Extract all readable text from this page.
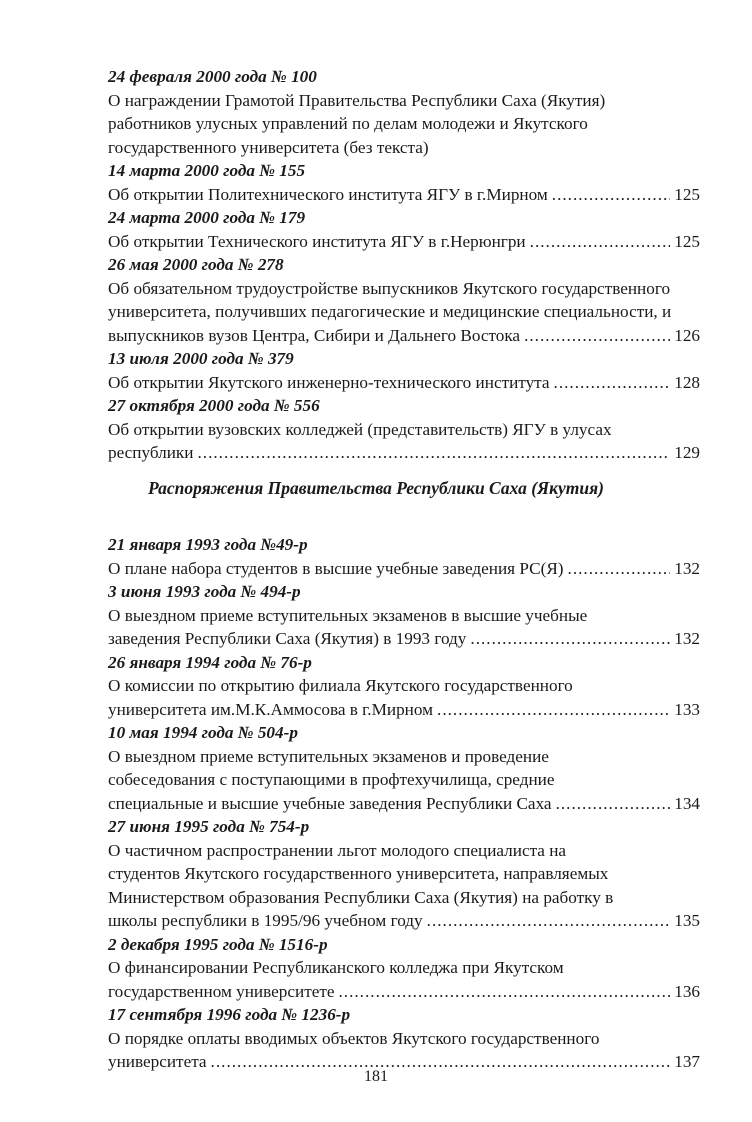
24 февраля 2000 года № 100
О награждении Грамотой Правительства Республики Саха (Якутия)
работников улусных управлений по делам молодежи и Якутского
государственного университета (без текста)
14 марта 2000 года № 155
Об открытии Политехнического института ЯГУ в г.Мирном .....	125
24 марта 2000 года № 179
Об открытии Технического института ЯГУ в г.Нерюнгри .....	125
26 мая 2000 года № 278
Об обязательном трудоустройстве выпускников Якутского государственного
университета, получивших педагогические и медицинские специальности, и
выпускников вузов Центра, Сибири и Дальнего Востока .....	126
13 июля 2000 года № 379
Об открытии Якутского инженерно-технического института .....	128
27 октября 2000 года № 556
Об открытии вузовских колледжей (представительств) ЯГУ в улусах
республики .....	129
Распоряжения Правительства Республики Саха (Якутия)
21 января 1993 года №49-р
О плане набора студентов в высшие учебные заведения РС(Я) .....	132
3 июня 1993 года № 494-р
О выездном приеме вступительных экзаменов в высшие учебные
заведения Республики Саха (Якутия) в 1993 году .....	132
26 января 1994 года № 76-р
О комиссии по открытию филиала Якутского государственного
университета им.М.К.Аммосова в г.Мирном .....	133
10 мая 1994 года № 504-р
О выездном приеме вступительных экзаменов и проведение
собеседования с поступающими в профтехучилища, средние
специальные и высшие учебные заведения Республики Саха .....	134
27 июня 1995 года № 754-р
О частичном распространении льгот молодого специалиста на
студентов Якутского государственного университета, направляемых
Министерством образования Республики Саха (Якутия) на работку в
школы республики в 1995/96 учебном году .....	135
2 декабря 1995 года № 1516-р
О финансировании Республиканского колледжа при Якутском
государственном университете .....	136
17 сентября 1996 года № 1236-р
О порядке оплаты вводимых объектов Якутского государственного
университета .....	137
181
